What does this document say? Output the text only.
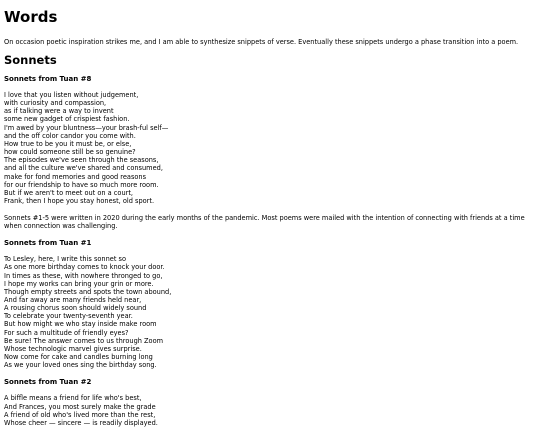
Words

On occasion poetic inspiration strikes me, and I am able to synthesize snippets of verse. Eventually these snippets undergo a phase transition into a poem.

Sonnets
Sonnets from Tuan #8
I love that you listen without judgement,
with curiosity and compassion,
as if talking were a way to invent
some new gadget of crispiest fashion.
I'm awed by your bluntness—your brash-ful self—
and the off color candor you come with.
How true to be you it must be, or else,
how could someone still be so genuine?
The episodes we've seen through the seasons,
and all the culture we've shared and consumed,
make for fond memories and good reasons
for our friendship to have so much more room.
But if we aren't to meet out on a court,
Frank, then I hope you stay honest, old sport.

Sonnets #1-5 were written in 2020 during the early months of the pandemic. Most poems were mailed with the intention of connecting with friends at a time when connection was challenging.

Sonnets from Tuan #1
To Lesley, here, I write this sonnet so
As one more birthday comes to knock your door.
In times as these, with nowhere thronged to go,
I hope my works can bring your grin or more.
Though empty streets and spots the town abound,
And far away are many friends held near,
A rousing chorus soon should widely sound
To celebrate your twenty-seventh year.
But how might we who stay inside make room
For such a multitude of friendly eyes?
Be sure! The answer comes to us through Zoom
Whose technologic marvel gives surprise.
Now come for cake and candles burning long
As we your loved ones sing the birthday song.
Sonnets from Tuan #2
A biffle means a friend for life who's best,
And Frances, you most surely make the grade
A friend of old who's lived more than the rest,
Whose cheer — sincere — is readily displayed.
